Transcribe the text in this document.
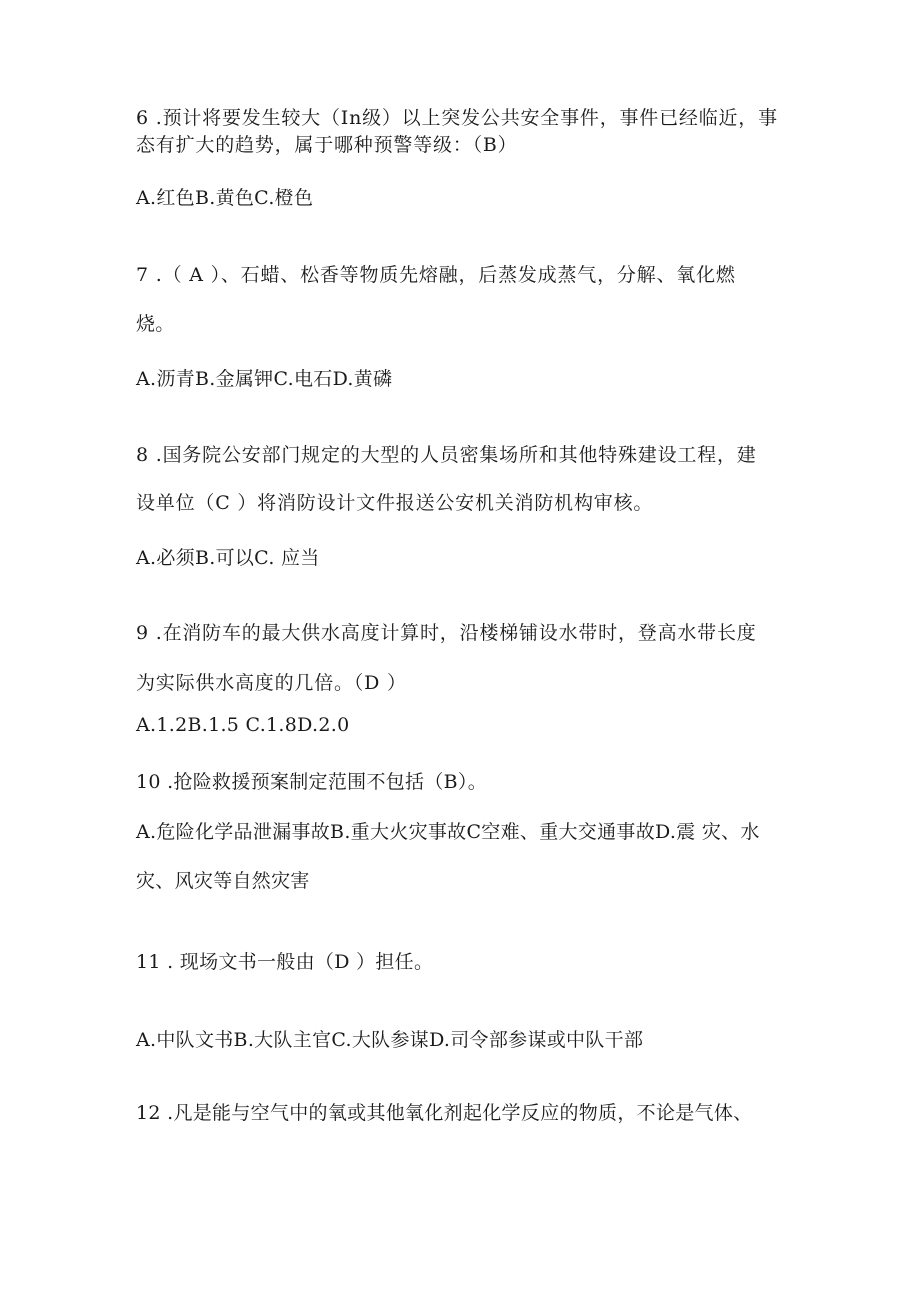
6 .预计将要发生较大（In级）以上突发公共安全事件，事件已经临近，事
态有扩大的趋势，属于哪种预警等级：（B）
A.红色B.黄色C.橙色
7 .（ A ）、石蜡、松香等物质先熔融，后蒸发成蒸气，分解、氧化燃
烧。
A.沥青B.金属钾C.电石D.黄磷
8 .国务院公安部门规定的大型的人员密集场所和其他特殊建设工程，建
设单位（C ）将消防设计文件报送公安机关消防机构审核。
A.必须B.可以C. 应当
9 .在消防车的最大供水高度计算时，沿楼梯铺设水带时，登高水带长度
为实际供水高度的几倍。（D ）
A.1.2B.1.5 C.1.8D.2.0
10 .抢险救援预案制定范围不包括（B）。
A.危险化学品泄漏事故B.重大火灾事故C空难、重大交通事故D.震 灾、水
灾、风灾等自然灾害
11 . 现场文书一般由（D ）担任。
A.中队文书B.大队主官C.大队参谋D.司令部参谋或中队干部
12 .凡是能与空气中的氧或其他氧化剂起化学反应的物质，不论是气体、
